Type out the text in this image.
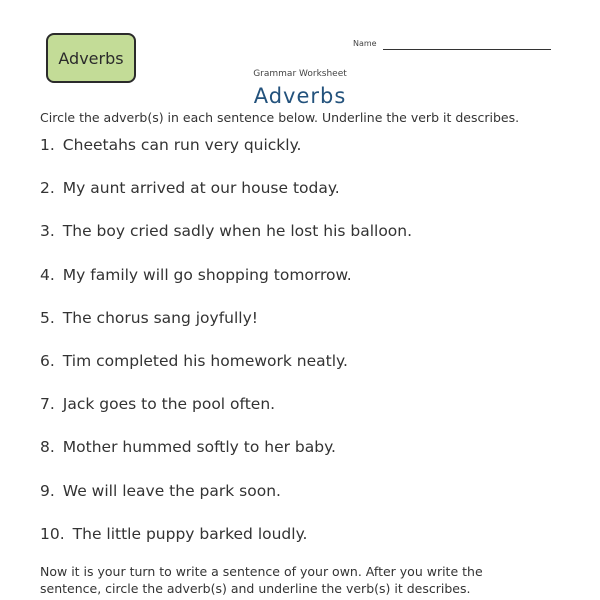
Adverbs
Name
Grammar Worksheet
Adverbs
Circle the adverb(s) in each sentence below. Underline the verb it describes.
1. Cheetahs can run very quickly.
2. My aunt arrived at our house today.
3. The boy cried sadly when he lost his balloon.
4. My family will go shopping tomorrow.
5. The chorus sang joyfully!
6. Tim completed his homework neatly.
7. Jack goes to the pool often.
8. Mother hummed softly to her baby.
9. We will leave the park soon.
10. The little puppy barked loudly.
Now it is your turn to write a sentence of your own. After you write the
sentence, circle the adverb(s) and underline the verb(s) it describes.
